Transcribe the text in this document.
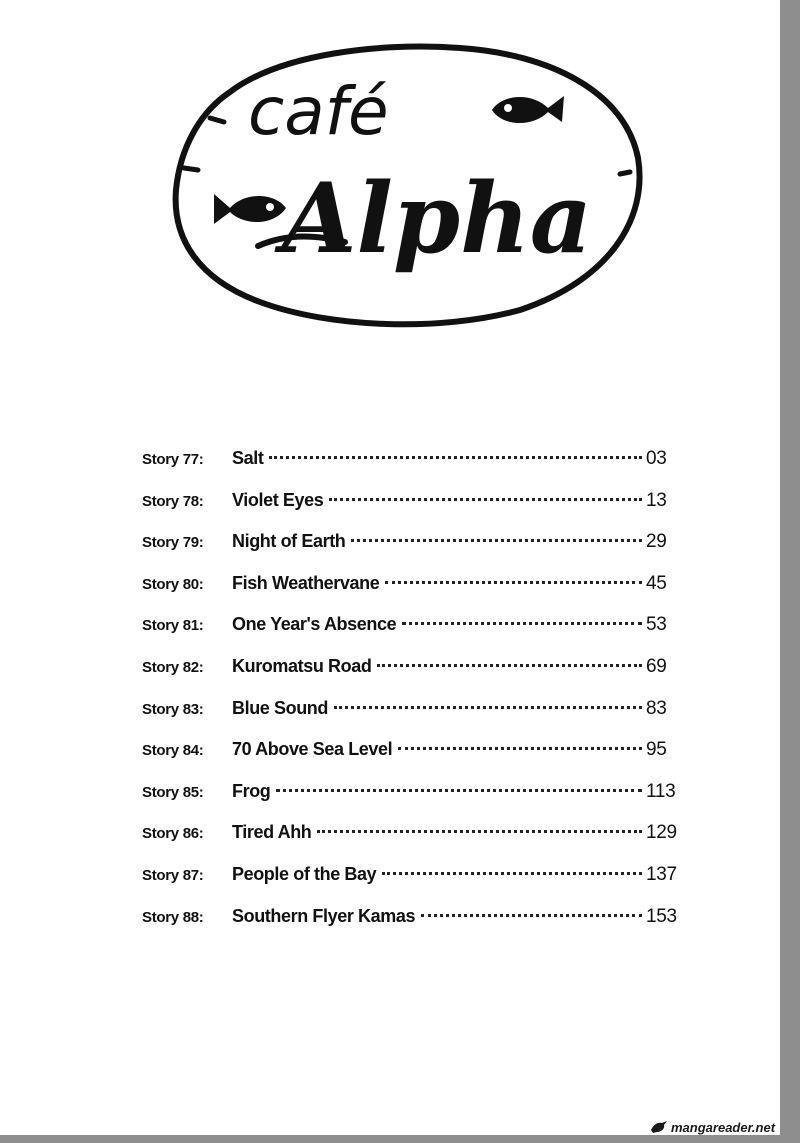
café
Alpha
Story 77:	Salt	03
Story 78:	Violet Eyes	13
Story 79:	Night of Earth	29
Story 80:	Fish Weathervane	45
Story 81:	One Year's Absence	53
Story 82:	Kuromatsu Road	69
Story 83:	Blue Sound	83
Story 84:	70 Above Sea Level	95
Story 85:	Frog	113
Story 86:	Tired Ahh	129
Story 87:	People of the Bay	137
Story 88:	Southern Flyer Kamas	153
mangareader.net
